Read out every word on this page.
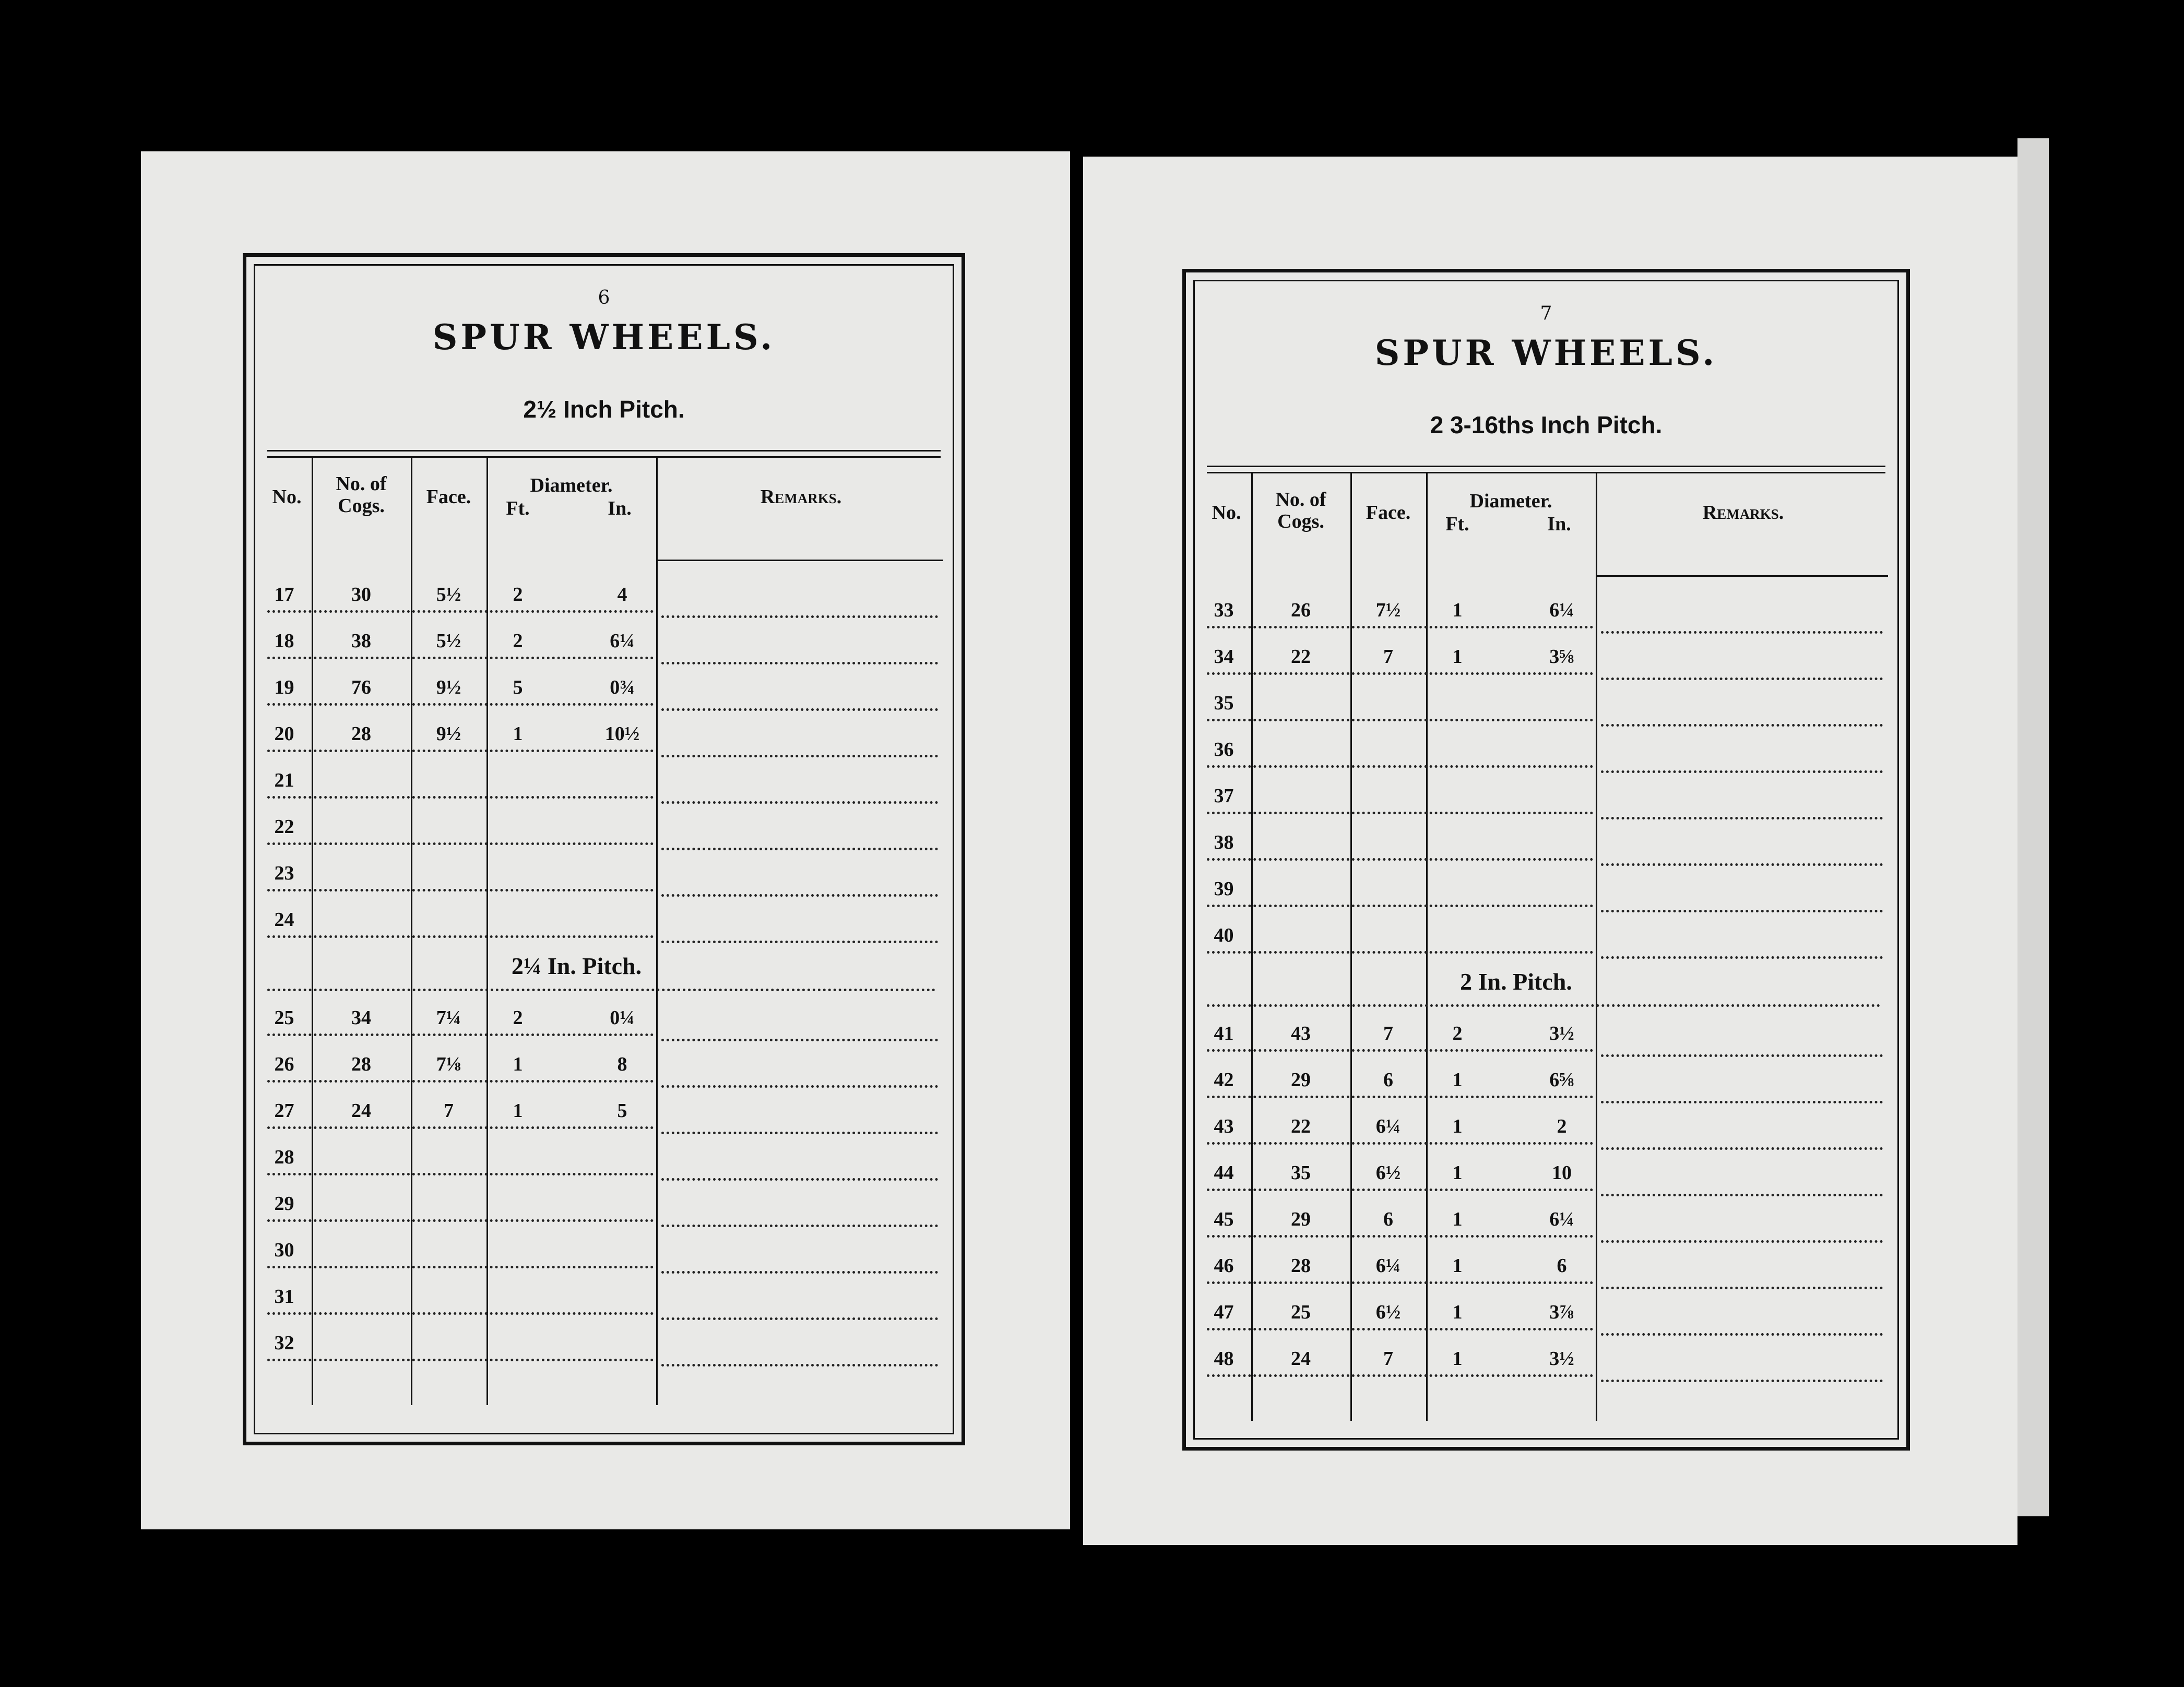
6
SPUR WHEELS.
2½ Inch Pitch.
No.
No. of Cogs.	Face.
Diameter.
Ft.	In.
Remarks.
17	30	5½	2	4
18	38	5½	2	6¼
19	76	9½	5	0¾
20	28	9½	1	10½
21
22
23
24
2¼ In. Pitch.
25	34	7¼	2	0¼
26	28	7⅛	1	8
27	24	7	1	5
28
29
30
31
32
7
SPUR WHEELS.
2 3-16ths Inch Pitch.
No.
No. of Cogs.	Face.
Diameter.
Ft.	In.
Remarks.
33	26	7½	1	6¼
34	22	7	1	3⅝
35
36
37
38
39
40
2 In. Pitch.
41	43	7	2	3½
42	29	6	1	6⅝
43	22	6¼	1	2
44	35	6½	1	10
45	29	6	1	6¼
46	28	6¼	1	6
47	25	6½	1	3⅞
48	24	7	1	3½
